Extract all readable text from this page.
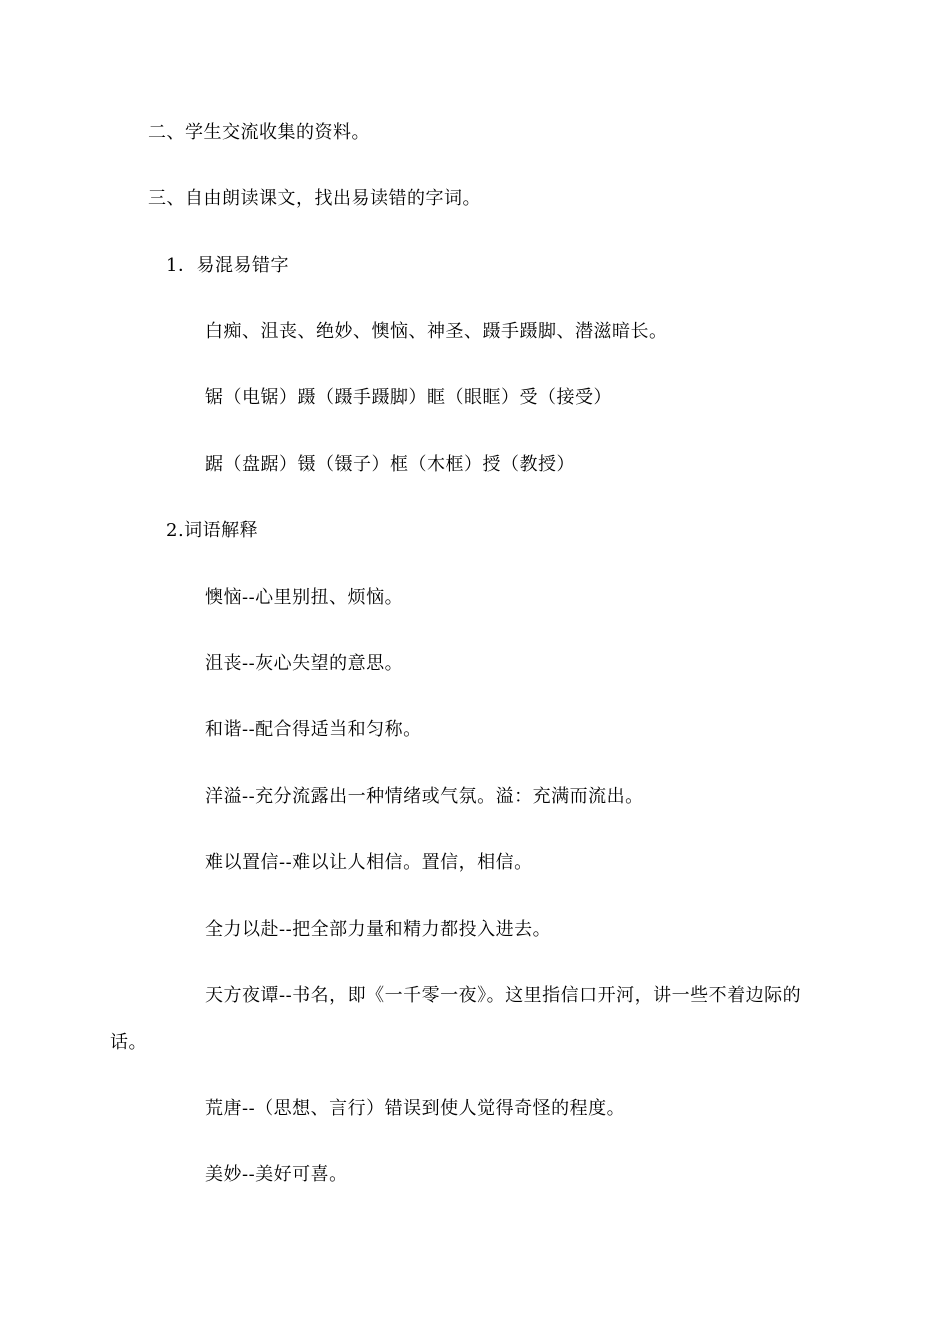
二、学生交流收集的资料。
三、自由朗读课文，找出易读错的字词。
1．易混易错字
白痴、沮丧、绝妙、懊恼、神圣、蹑手蹑脚、潜滋暗长。
锯（电锯）蹑（蹑手蹑脚）眶（眼眶）受（接受）
踞（盘踞）镊（镊子）框（木框）授（教授）
2.词语解释
懊恼--心里别扭、烦恼。
沮丧--灰心失望的意思。
和谐--配合得适当和匀称。
洋溢--充分流露出一种情绪或气氛。溢：充满而流出。
难以置信--难以让人相信。置信，相信。
全力以赴--把全部力量和精力都投入进去。
天方夜谭--书名，即《一千零一夜》。这里指信口开河，讲一些不着边际的
话。
荒唐--（思想、言行）错误到使人觉得奇怪的程度。
美妙--美好可喜。
